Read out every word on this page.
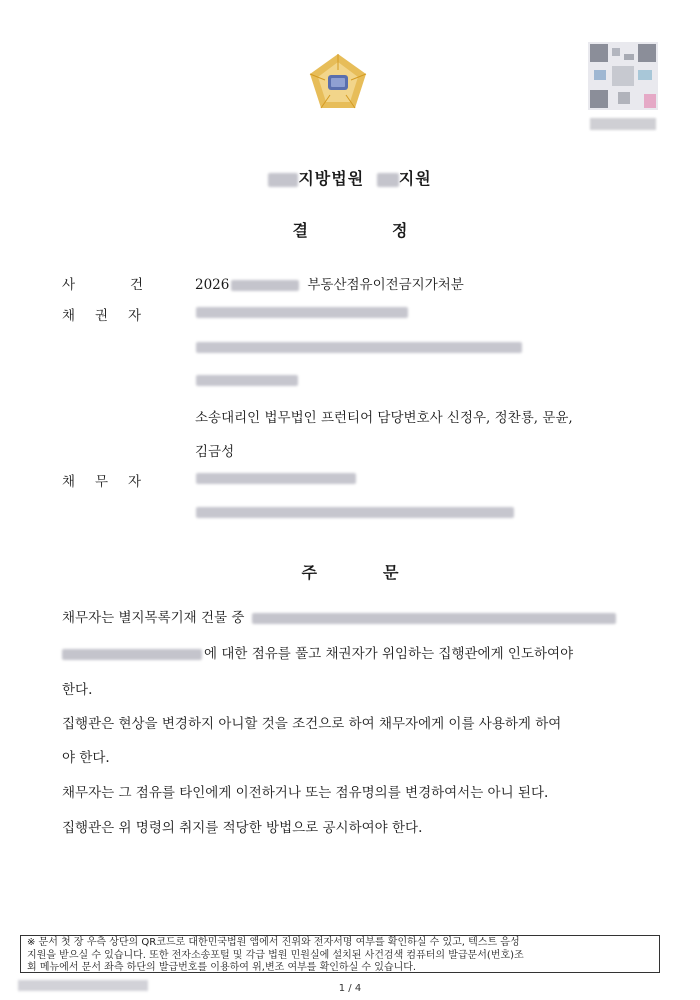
지방법원 지원
결	정
사	건	2026	부동산점유이전금지가처분
채 권 자
소송대리인 법무법인 프런티어 담당변호사 신정우, 정찬룡, 문윤,
김금성
채 무 자
주	문
채무자는 별지목록기재 건물 중
에 대한 점유를 풀고 채권자가 위임하는 집행관에게 인도하여야
한다.
집행관은 현상을 변경하지 아니할 것을 조건으로 하여 채무자에게 이를 사용하게 하여
야 한다.
채무자는 그 점유를 타인에게 이전하거나 또는 점유명의를 변경하여서는 아니 된다.
집행관은 위 명령의 취지를 적당한 방법으로 공시하여야 한다.
※ 문서 첫 장 우측 상단의 QR코드로 대한민국법원 앱에서 진위와 전자서명 여부를 확인하실 수 있고, 텍스트 음성
지원을 받으실 수 있습니다. 또한 전자소송포털 및 각급 법원 민원실에 설치된 사건검색 컴퓨터의 발급문서(번호)조
회 메뉴에서 문서 좌측 하단의 발급번호를 이용하여 위,변조 여부를 확인하실 수 있습니다.
1 / 4
